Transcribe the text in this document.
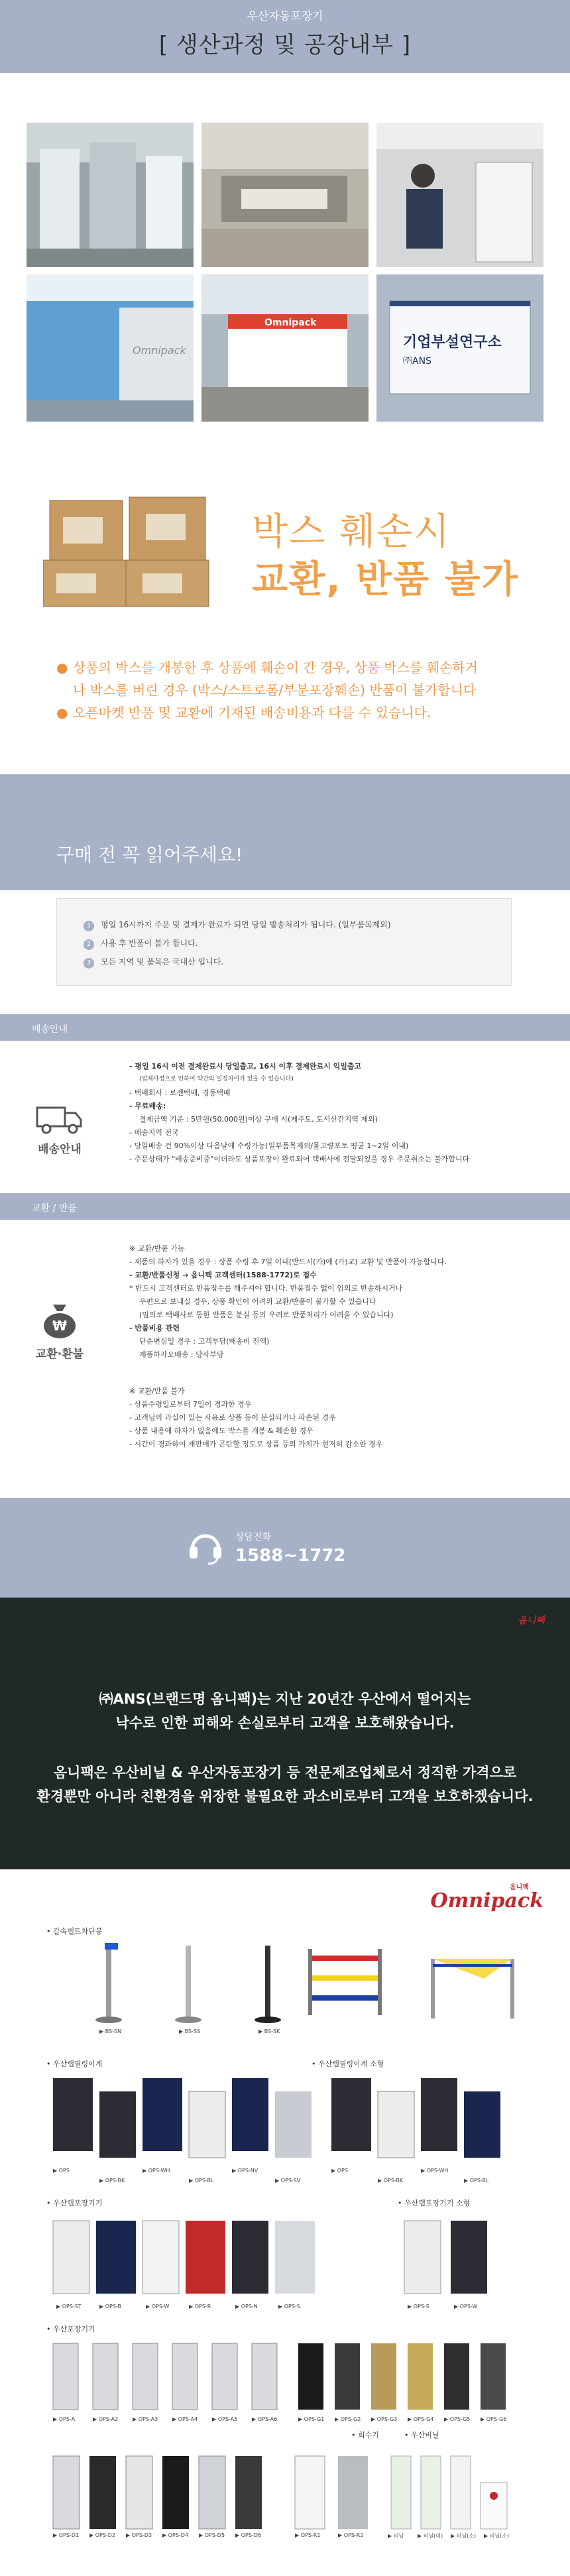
우산자동포장기
[ 생산과정 및 공장내부 ]
Omnipack
Omnipack
기업부설연구소
㈜ANS
박스 훼손시
교환, 반품 불가
● 상품의 박스를 개봉한 후 상품에 훼손이 간 경우, 상품 박스를 훼손하거
나 박스를 버린 경우 (박스/스트로폼/부분포장훼손) 반품이 불가합니다
● 오픈마켓 반품 및 교환에 기재된 배송비용과 다를 수 있습니다.
구매 전 꼭 읽어주세요!
1 평일 16시까지 주문 및 결제가 완료가 되면 당일 발송처리가 됩니다. (일부품목제외)
2 사용 후 반품이 불가 합니다.
3 모든 지역 및 품목은 국내산 입니다.
배송안내
배송안내
- 평일 16시 이전 결제완료시 당일출고, 16시 이후 결제완료시 익일출고
(업체사정으로 인하여 약간의 일정차이가 있을 수 있습니다)
- 택배회사 : 로젠택배, 경동택배
- 무료배송:
결제금액 기준 : 5만원(50,000원)이상 구매 시(제주도, 도서산간지역 제외)
- 배송지역 전국
- 당일배송 건 90%이상 다음날에 수령가능(일부품목제외/물고량포토 평균 1~2일 이내)
- 주문상태가 "배송준비중"이더라도 상품포장이 완료되어 택배사에 전달되었을 경우 주문취소는 불가합니다
교환 / 반품
₩
교환·환불
※ 교환/반품 가능
- 제품의 하자가 있을 경우 : 상품 수령 후 7일 이내(반드시(가)에 (가)교) 교환 및 반품이 가능합니다.
- 교환/반품신청 → 옵니팩 고객센터(1588-1772)로 접수
* 반드시 고객센터로 반품접수를 해주셔야 합니다. 반품접수 없이 임의로 반송하시거나
우편으로 보내실 경우, 상품 확인이 어려워 교환/반품이 불가할 수 있습니다
(임의로 택배사로 통한 반품은 분실 등의 우려로 반품처리가 어려울 수 있습니다)
- 반품비용 관련
단순변심일 경우 : 고객부담(배송비 전액)
제품하자오배송 : 당사부담
※ 교환/반품 불가
- 상품수령일로부터 7일이 경과한 경우
- 고객님의 과실이 있는 사유로 상품 등이 분실되거나 파손된 경우
- 상품 내용에 하자가 없음에도 박스를 개봉 & 훼손한 경우
- 시간이 경과하여 재판매가 곤란할 정도로 상품 등의 가치가 현저히 감소한 경우
상담전화
1588~1772
옴니팩
㈜ANS(브랜드명 옴니팩)는 지난 20년간 우산에서 떨어지는
낙수로 인한 피해와 손실로부터 고객을 보호해왔습니다.
옴니팩은 우산비닐 & 우산자동포장기 등 전문제조업체로서 정직한 가격으로
환경뿐만 아니라 친환경을 위장한 불필요한 과소비로부터 고객을 보호하겠습니다.
옴니팩
Omnipack
• 갈속벨트차단봉
▶ BS-SN	▶ BS-SS	▶ BS-SK
• 우산랩필링이계	• 우산랩필링이계 소형
▶ OPS
▶ OPS-BK
▶ OPS-WH
▶ OPS-BL
▶ OPS-NV
▶ OPS-SV
▶ OPS
▶ OPS-BK
▶ OPS-WH
▶ OPS-BL
• 우산랩포장기기	• 우산랩포장기기 소형
▶ OPS-ST	▶ OPS-B	▶ OPS-W	▶ OPS-R	▶ OPS-N	▶ OPS-S	▶ OPS-S	▶ OPS-W
• 우산포장기기
▶ OPS-A	▶ OPS-A2	▶ OPS-A3	▶ OPS-A4	▶ OPS-A5	▶ OPS-A6	▶ OPS-G1 ▶ OPS-G2 ▶ OPS-G3 ▶ OPS-G4 ▶ OPS-G5 ▶ OPS-G6
• 회수기	• 우산비닐
▶ OPS-D1 ▶ OPS-D2 ▶ OPS-D3 ▶ OPS-D4 ▶ OPS-D5 ▶ OPS-D6	▶ OPS-R1	▶ OPS-R2	▶ 비닐	▶ 비닐(대) ▶ 비닐(소) ▶ 비닐(소)
